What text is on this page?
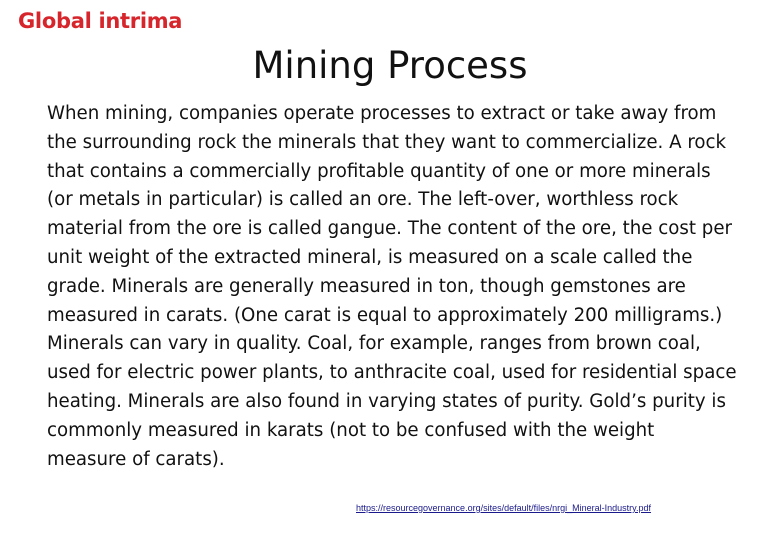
Global intrima
Mining Process

When mining, companies operate processes to extract or take away from the surrounding rock the minerals that they want to commercialize. A rock that contains a commercially profitable quantity of one or more minerals (or metals in particular) is called an ore. The left-over, worthless rock material from the ore is called gangue. The content of the ore, the cost per unit weight of the extracted mineral, is measured on a scale called the grade. Minerals are generally measured in ton, though gemstones are measured in carats. (One carat is equal to approximately 200 milligrams.) Minerals can vary in quality. Coal, for example, ranges from brown coal, used for electric power plants, to anthracite coal, used for residential space heating. Minerals are also found in varying states of purity. Gold’s purity is commonly measured in karats (not to be confused with the weight measure of carats).

https://resourcegovernance.org/sites/default/files/nrgi_Mineral-Industry.pdf
